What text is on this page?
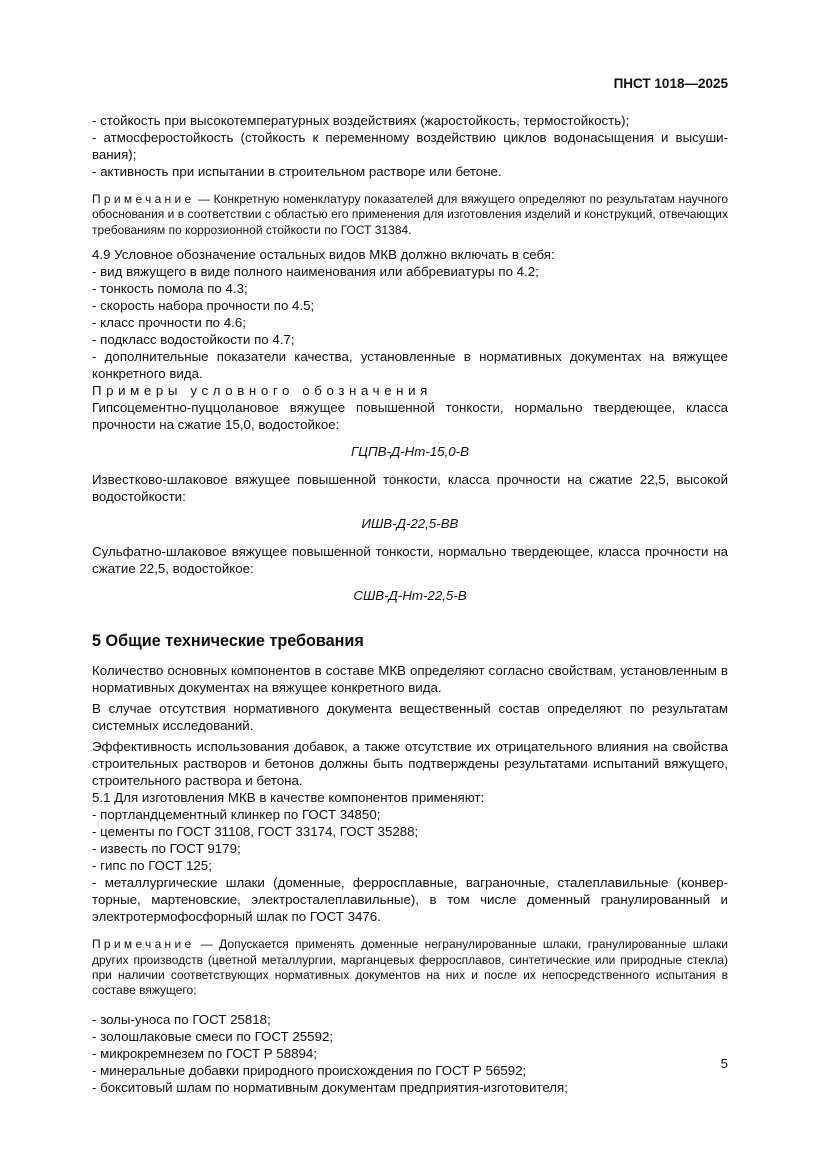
ПНСТ 1018—2025

- стойкость при высокотемпературных воздействиях (жаростойкость, термостойкость);

- атмосферостойкость (стойкость к переменному воздействию циклов водонасыщения и высушивания);

- активность при испытании в строительном растворе или бетоне.

Примечание — Конкретную номенклатуру показателей для вяжущего определяют по результатам научного обоснования и в соответствии с областью его применения для изготовления изделий и конструкций, отвечающих требованиям по коррозионной стойкости по ГОСТ 31384.

4.9 Условное обозначение остальных видов МКВ должно включать в себя:

- вид вяжущего в виде полного наименования или аббревиатуры по 4.2;

- тонкость помола по 4.3;

- скорость набора прочности по 4.5;

- класс прочности по 4.6;

- подкласс водостойкости по 4.7;

- дополнительные показатели качества, установленные в нормативных документах на вяжущее конкретного вида.

Примеры условного обозначения

Гипсоцементно-пуццолановое вяжущее повышенной тонкости, нормально твердеющее, класса прочности на сжатие 15,0, водостойкое:

ГЦПВ-Д-Нт-15,0-В

Известково-шлаковое вяжущее повышенной тонкости, класса прочности на сжатие 22,5, высокой водостойкости:

ИШВ-Д-22,5-ВВ

Сульфатно-шлаковое вяжущее повышенной тонкости, нормально твердеющее, класса прочности на сжатие 22,5, водостойкое:

СШВ-Д-Нт-22,5-В

5 Общие технические требования

Количество основных компонентов в составе МКВ определяют согласно свойствам, установленным в нормативных документах на вяжущее конкретного вида.

В случае отсутствия нормативного документа вещественный состав определяют по результатам системных исследований.

Эффективность использования добавок, а также отсутствие их отрицательного влияния на свойства строительных растворов и бетонов должны быть подтверждены результатами испытаний вяжущего, строительного раствора и бетона.

5.1 Для изготовления МКВ в качестве компонентов применяют:

- портландцементный клинкер по ГОСТ 34850;

- цементы по ГОСТ 31108, ГОСТ 33174, ГОСТ 35288;

- известь по ГОСТ 9179;

- гипс по ГОСТ 125;

- металлургические шлаки (доменные, ферросплавные, ваграночные, сталеплавильные (конверторные, мартеновские, электросталеплавильные), в том числе доменный гранулированный и электротермофосфорный шлак по ГОСТ 3476.

Примечание — Допускается применять доменные негранулированные шлаки, гранулированные шлаки других производств (цветной металлургии, марганцевых ферросплавов, синтетические или природные стекла) при наличии соответствующих нормативных документов на них и после их непосредственного испытания в составе вяжущего;

- золы-уноса по ГОСТ 25818;

- золошлаковые смеси по ГОСТ 25592;

- микрокремнезем по ГОСТ Р 58894;

- минеральные добавки природного происхождения по ГОСТ Р 56592;

- бокситовый шлам по нормативным документам предприятия-изготовителя;

5
